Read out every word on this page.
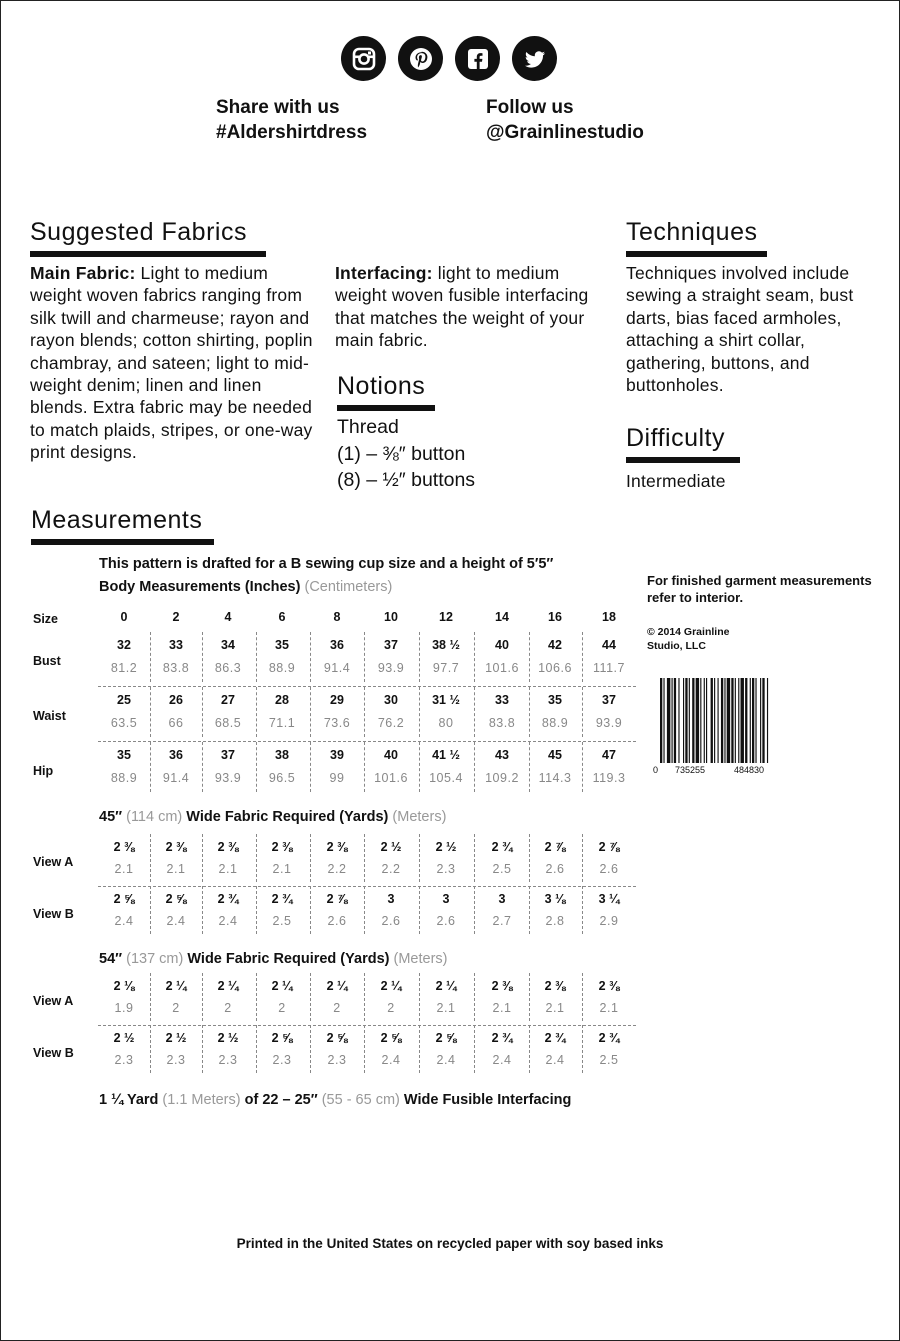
Share with us
#Aldershirtdress
Follow us
@Grainlinestudio
Suggested Fabrics
Main Fabric: Light to medium weight woven fabrics ranging from silk twill and charmeuse; rayon and rayon blends; cotton shirting, poplin chambray, and sateen; light to mid-weight denim; linen and linen blends. Extra fabric may be needed to match plaids, stripes, or one-way print designs.
Interfacing: light to medium weight woven fusible interfacing that matches the weight of your main fabric.
Notions
Thread
(1) – ⅜″ button
(8) – ½″ buttons
Techniques
Techniques involved include sewing a straight seam, bust darts, bias faced armholes, attaching a shirt collar, gathering, buttons, and buttonholes.
Difficulty
Intermediate
Measurements
This pattern is drafted for a B sewing cup size and a height of 5′5″
Body Measurements (Inches) (Centimeters)
Size	0	2	4	6	8	10	12	14	16	18
Bust
32	33	34	35	36	37	38 ½	40	42	44
81.2	83.8	86.3	88.9	91.4	93.9	97.7	101.6	106.6	111.7
Waist
25	26	27	28	29	30	31 ½	33	35	37
63.5	66	68.5	71.1	73.6	76.2	80	83.8	88.9	93.9
Hip
35	36	37	38	39	40	41 ½	43	45	47
88.9	91.4	93.9	96.5	99	101.6	105.4	109.2	114.3	119.3
View A
2 ⅜	2 ⅜	2 ⅜	2 ⅜	2 ⅜	2 ½	2 ½	2 ¾	2 ⅞	2 ⅞
2.1	2.1	2.1	2.1	2.2	2.2	2.3	2.5	2.6	2.6
View B
2 ⅝	2 ⅝	2 ¾	2 ¾	2 ⅞	3	3	3	3 ⅛	3 ¼
2.4	2.4	2.4	2.5	2.6	2.6	2.6	2.7	2.8	2.9
View A
2 ⅛	2 ¼	2 ¼	2 ¼	2 ¼	2 ¼	2 ¼	2 ⅜	2 ⅜	2 ⅜
1.9	2	2	2	2	2	2.1	2.1	2.1	2.1
View B
2 ½	2 ½	2 ½	2 ⅝	2 ⅝	2 ⅝	2 ⅝	2 ¾	2 ¾	2 ¾
2.3	2.3	2.3	2.3	2.3	2.4	2.4	2.4	2.4	2.5
45″ (114 cm) Wide Fabric Required (Yards) (Meters)
54″ (137 cm) Wide Fabric Required (Yards) (Meters)
1 ¼ Yard (1.1 Meters) of 22 – 25″ (55 - 65 cm) Wide Fusible Interfacing
For finished garment measurements refer to interior.
© 2014 Grainline Studio, LLC
0 735255	484830
Printed in the United States on recycled paper with soy based inks
